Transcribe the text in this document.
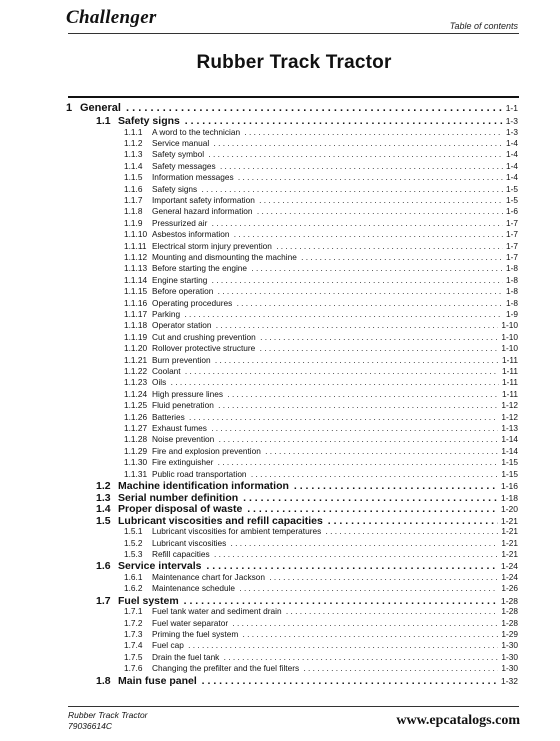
Challenger	Table of contents
Rubber Track Tractor
1 General . . .	1-1
1.1 Safety signs . . .	1-3
1.1.1 A word to the technician . . .	1-3
1.1.2 Service manual . . .	1-4
1.1.3 Safety symbol . . .	1-4
1.1.4 Safety messages . . .	1-4
1.1.5 Information messages . . .	1-4
1.1.6 Safety signs . . .	1-5
1.1.7 Important safety information . . .	1-5
1.1.8 General hazard information . . .	1-6
1.1.9 Pressurized air . . .	1-7
1.1.10 Asbestos information . . .	1-7
1.1.11 Electrical storm injury prevention . . .	1-7
1.1.12 Mounting and dismounting the machine . . .	1-7
1.1.13 Before starting the engine . . .	1-8
1.1.14 Engine starting . . .	1-8
1.1.15 Before operation . . .	1-8
1.1.16 Operating procedures . . .	1-8
1.1.17 Parking . . .	1-9
1.1.18 Operator station . . .	1-10
1.1.19 Cut and crushing prevention . . .	1-10
1.1.20 Rollover protective structure . . .	1-10
1.1.21 Burn prevention . . .	1-11
1.1.22 Coolant . . .	1-11
1.1.23 Oils . . .	1-11
1.1.24 High pressure lines . . .	1-11
1.1.25 Fluid penetration . . .	1-12
1.1.26 Batteries . . .	1-12
1.1.27 Exhaust fumes . . .	1-13
1.1.28 Noise prevention . . .	1-14
1.1.29 Fire and explosion prevention . . .	1-14
1.1.30 Fire extinguisher . . .	1-15
1.1.31 Public road transportation . . .	1-15
1.2 Machine identification information . . .	1-16
1.3 Serial number definition . . .	1-18
1.4 Proper disposal of waste . . .	1-20
1.5 Lubricant viscosities and refill capacities . . .	1-21
1.5.1 Lubricant viscosities for ambient temperatures . . .	1-21
1.5.2 Lubricant viscosities . . .	1-21
1.5.3 Refill capacities . . .	1-21
1.6 Service intervals . . .	1-24
1.6.1 Maintenance chart for Jackson . . .	1-24
1.6.2 Maintenance schedule . . .	1-26
1.7 Fuel system . . .	1-28
1.7.1 Fuel tank water and sediment drain . . .	1-28
1.7.2 Fuel water separator . . .	1-28
1.7.3 Priming the fuel system . . .	1-29
1.7.4 Fuel cap . . .	1-30
1.7.5 Drain the fuel tank . . .	1-30
1.7.6 Changing the prefilter and the fuel filters . . .	1-30
1.8 Main fuse panel . . .	1-32
Rubber Track Tractor
79036614C	www.epcatalogs.com
